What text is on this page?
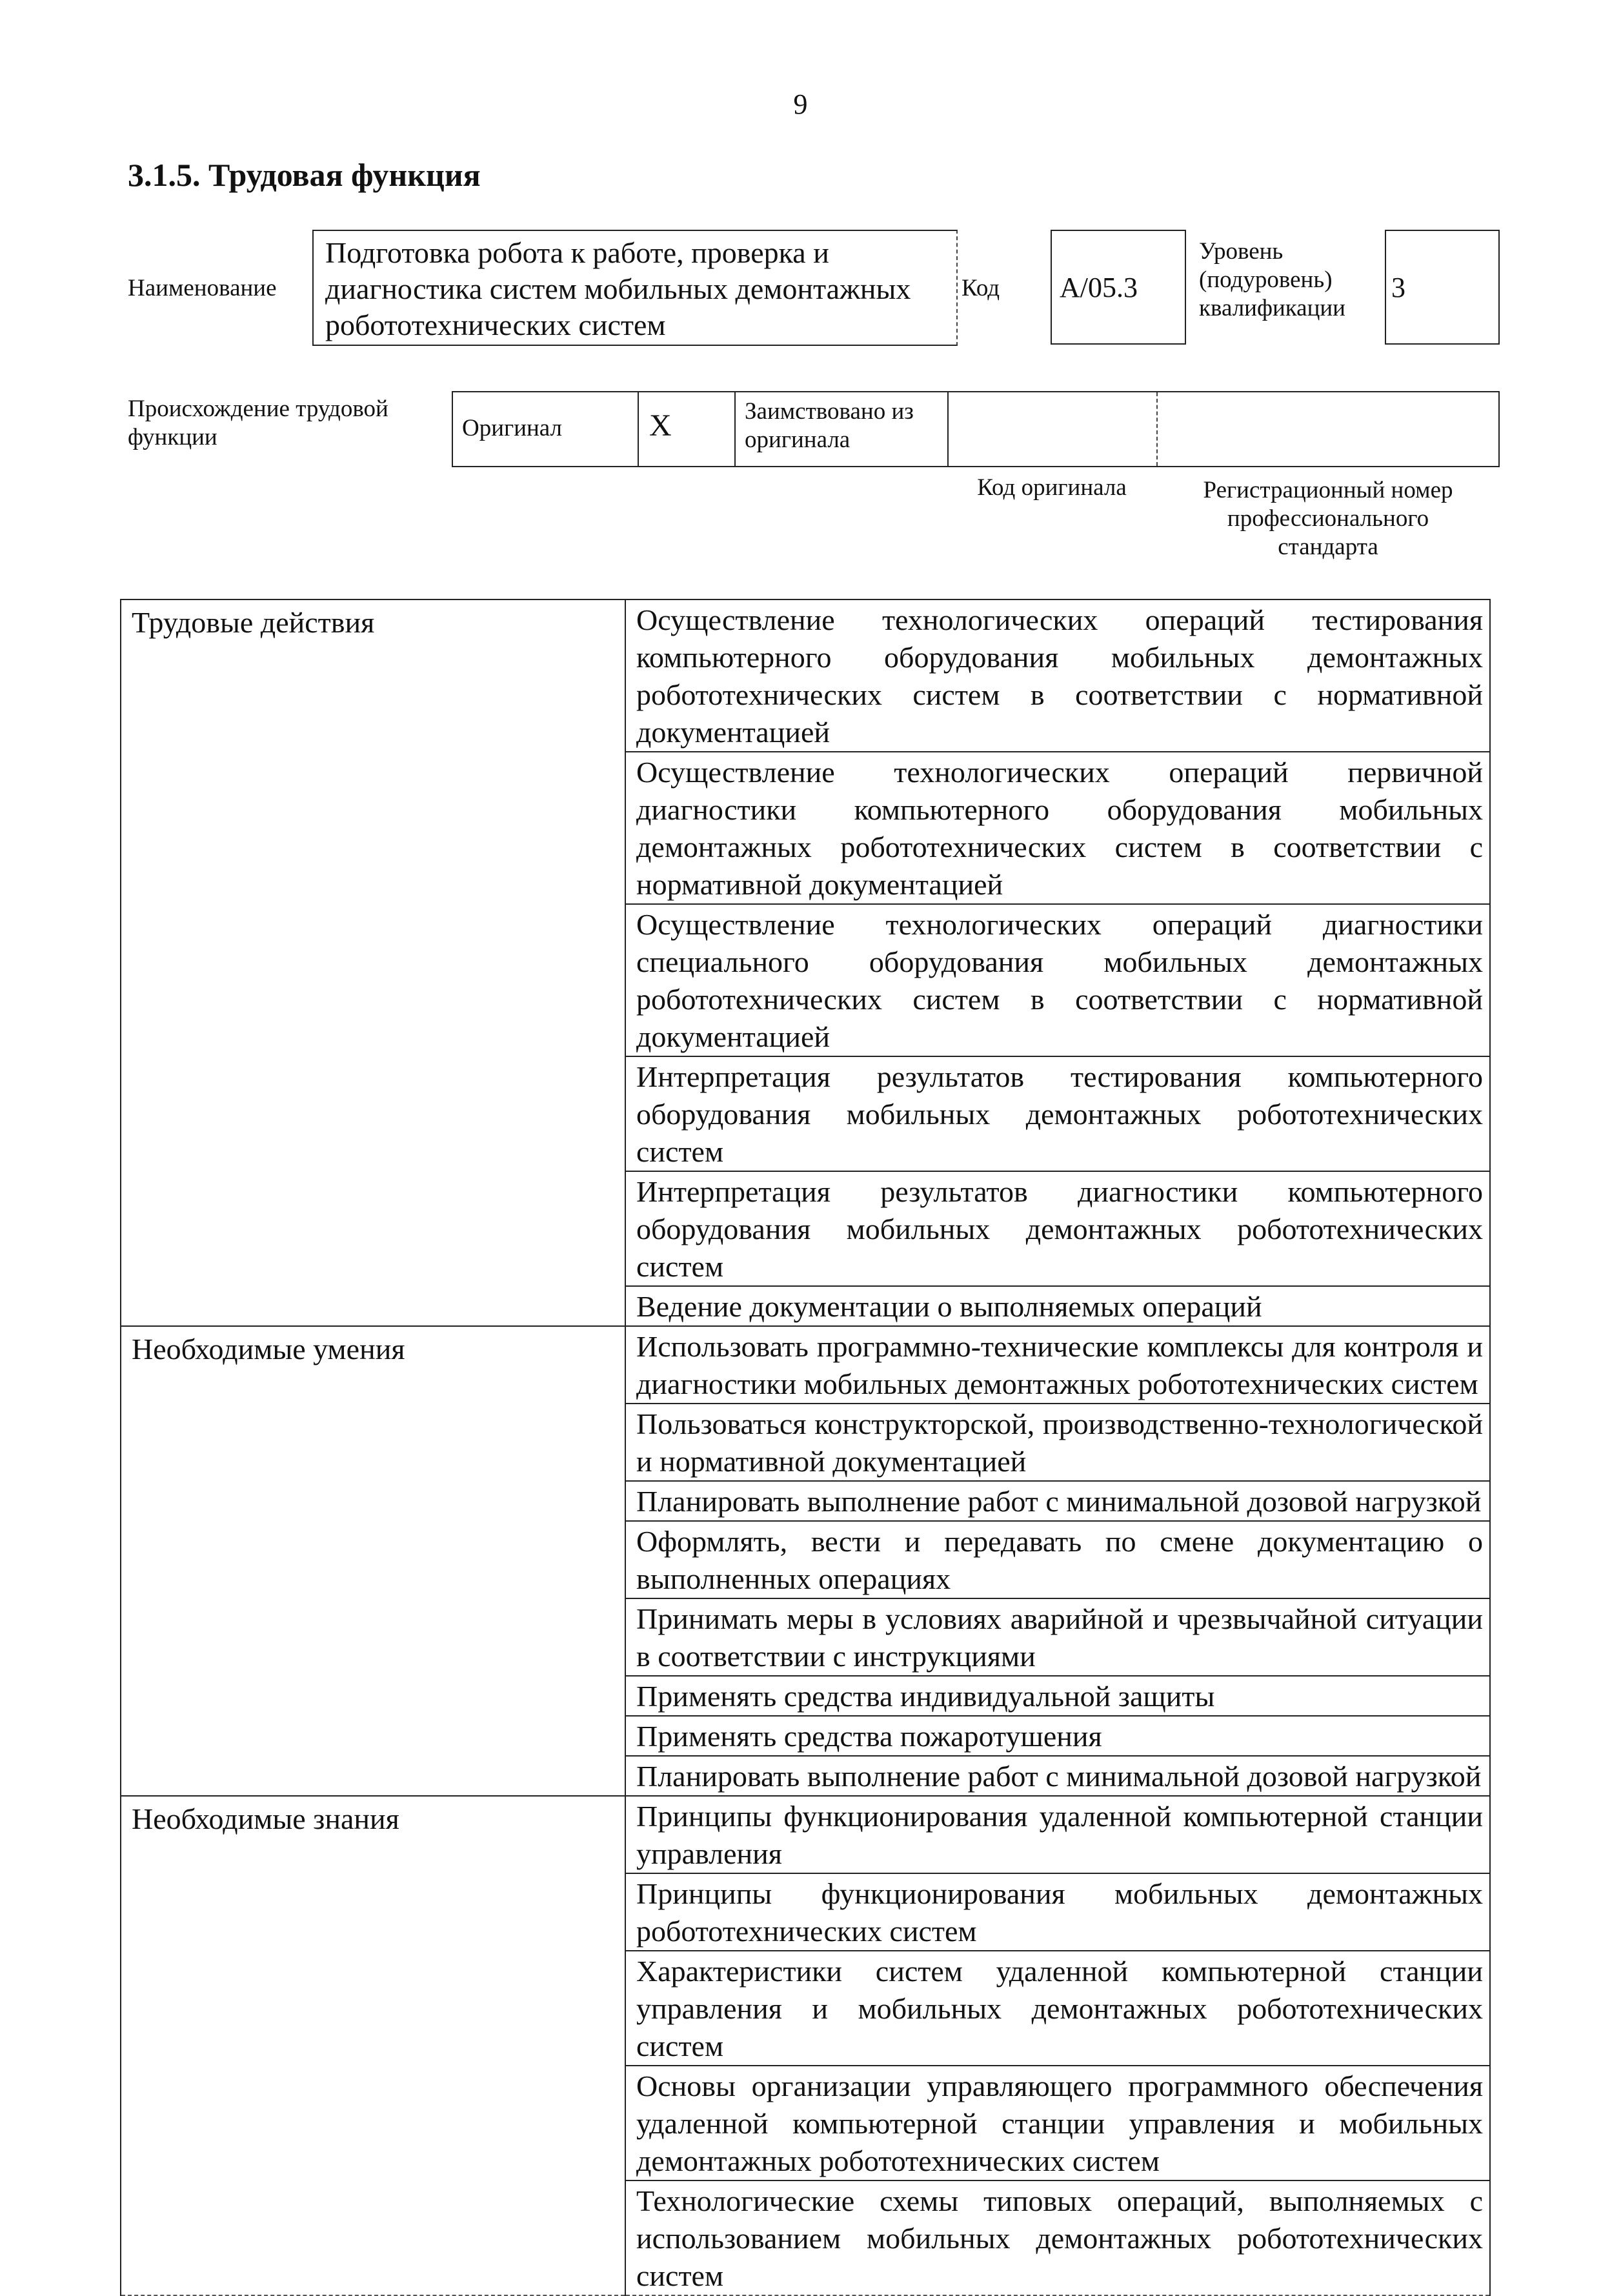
9
3.1.5. Трудовая функция
Наименование
Подготовка робота к работе, проверка и диагностика систем мобильных демонтажных робототехнических систем
Код	A/05.3
Уровень
(подуровень)
квалификации
3
Происхождение трудовой
функции	Оригинал	X	Заимствовано из
оригинала
Код оригинала	Регистрационный номер
профессионального
стандарта
Трудовые действия	Осуществление технологических операций тестирования компьютерного оборудования мобильных демонтажных робототехнических систем в соответствии с нормативной документацией
	Осуществление технологических операций первичной диагностики компьютерного оборудования мобильных демонтажных робототехнических систем в соответствии с нормативной документацией
	Осуществление технологических операций диагностики специального оборудования мобильных демонтажных робототехнических систем в соответствии с нормативной документацией
	Интерпретация результатов тестирования компьютерного оборудования мобильных демонтажных робототехнических систем
	Интерпретация результатов диагностики компьютерного оборудования мобильных демонтажных робототехнических систем
	Ведение документации о выполняемых операций
Необходимые умения	Использовать программно-технические комплексы для контроля и диагностики мобильных демонтажных робототехнических систем
	Пользоваться конструкторской, производственно-технологической и нормативной документацией
	Планировать выполнение работ с минимальной дозовой нагрузкой
	Оформлять, вести и передавать по смене документацию о выполненных операциях
	Принимать меры в условиях аварийной и чрезвычайной ситуации в соответствии с инструкциями
	Применять средства индивидуальной защиты
	Применять средства пожаротушения
	Планировать выполнение работ с минимальной дозовой нагрузкой
Необходимые знания	Принципы функционирования удаленной компьютерной станции управления
	Принципы функционирования мобильных демонтажных робототехнических систем
	Характеристики систем удаленной компьютерной станции управления и мобильных демонтажных робототехнических систем
	Основы организации управляющего программного обеспечения удаленной компьютерной станции управления и мобильных демонтажных робототехнических систем
	Технологические схемы типовых операций, выполняемых с использованием мобильных демонтажных робототехнических систем
